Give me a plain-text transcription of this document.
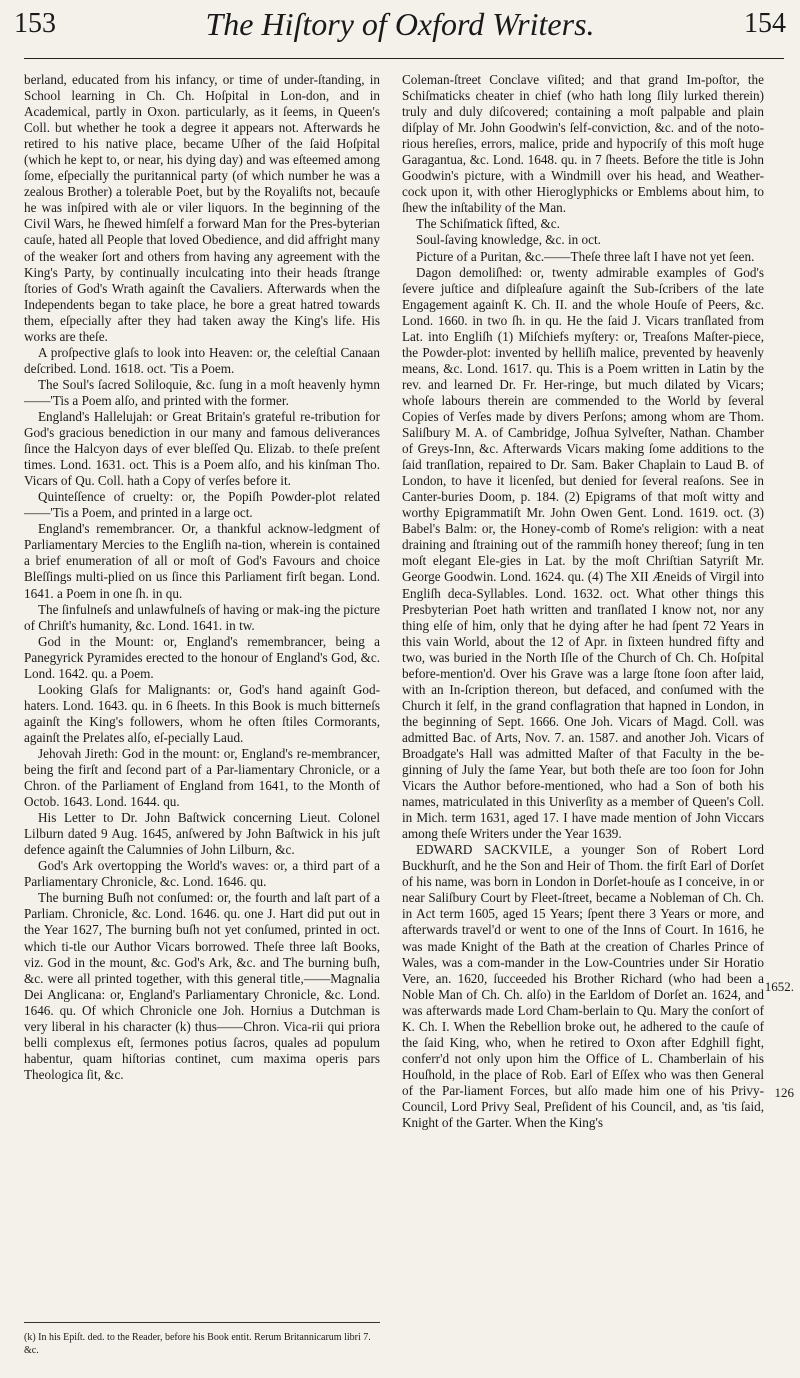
153	The Hiſtory of Oxford Writers.	154

berland, educated from his infancy, or time of under-ſtanding, in School learning in Ch. Ch. Hoſpital in Lon-don, and in Academical, partly in Oxon. particularly, as it ſeems, in Queen's Coll. but whether he took a degree it appears not. Afterwards he retired to his native place, became Uſher of the ſaid Hoſpital (which he kept to, or near, his dying day) and was eſteemed among ſome, eſpecially the puritannical party (of which number he was a zealous Brother) a tolerable Poet, but by the Royaliſts not, becauſe he was inſpired with ale or viler liquors. In the beginning of the Civil Wars, he ſhewed himſelf a forward Man for the Pres-byterian cauſe, hated all People that loved Obedience, and did affright many of the weaker ſort and others from having any agreement with the King's Party, by continually inculcating into their heads ſtrange ſtories of God's Wrath againſt the Cavaliers. Afterwards when the Independents began to take place, he bore a great hatred towards them, eſpecially after they had taken away the King's life. His works are theſe.

A proſpective glaſs to look into Heaven: or, the celeſtial Canaan deſcribed. Lond. 1618. oct. 'Tis a Poem.

The Soul's ſacred Soliloquie, &c. ſung in a moſt heavenly hymn——'Tis a Poem alſo, and printed with the former.

England's Hallelujah: or Great Britain's grateful re-tribution for God's gracious benediction in our many and famous deliverances ſince the Halcyon days of ever bleſſed Qu. Elizab. to theſe preſent times. Lond. 1631. oct. This is a Poem alſo, and his kinſman Tho. Vicars of Qu. Coll. hath a Copy of verſes before it.

Quinteſſence of cruelty: or, the Popiſh Powder-plot related——'Tis a Poem, and printed in a large oct.

England's remembrancer. Or, a thankful acknow-ledgment of Parliamentary Mercies to the Engliſh na-tion, wherein is contained a brief enumeration of all or moſt of God's Favours and choice Bleſſings multi-plied on us ſince this Parliament firſt began. Lond. 1641. a Poem in one ſh. in qu.

The ſinfulneſs and unlawfulneſs of having or mak-ing the picture of Chriſt's humanity, &c. Lond. 1641. in tw.

God in the Mount: or, England's remembrancer, being a Panegyrick Pyramides erected to the honour of England's God, &c. Lond. 1642. qu. a Poem.

Looking Glaſs for Malignants: or, God's hand againſt God-haters. Lond. 1643. qu. in 6 ſheets. In this Book is much bitterneſs againſt the King's followers, whom he often ſtiles Cormorants, againſt the Prelates alſo, eſ-pecially Laud.

Jehovah Jireth: God in the mount: or, England's re-membrancer, being the firſt and ſecond part of a Par-liamentary Chronicle, or a Chron. of the Parliament of England from 1641, to the Month of Octob. 1643. Lond. 1644. qu.

His Letter to Dr. John Baſtwick concerning Lieut. Colonel Lilburn dated 9 Aug. 1645, anſwered by John Baſtwick in his juſt defence againſt the Calumnies of John Lilburn, &c.

God's Ark overtopping the World's waves: or, a third part of a Parliamentary Chronicle, &c. Lond. 1646. qu.

The burning Buſh not conſumed: or, the fourth and laſt part of a Parliam. Chronicle, &c. Lond. 1646. qu. one J. Hart did put out in the Year 1627, The burning buſh not yet conſumed, printed in oct. which ti-tle our Author Vicars borrowed. Theſe three laſt Books, viz. God in the mount, &c. God's Ark, &c. and The burning buſh, &c. were all printed together, with this general title,——Magnalia Dei Anglicana: or, England's Parliamentary Chronicle, &c. Lond. 1646. qu. Of which Chronicle one Joh. Hornius a Dutchman is very liberal in his character (k) thus——Chron. Vica-rii qui priora belli complexus eſt, ſermones potius ſacros, quales ad populum habentur, quam hiſtorias continet, cum maxima operis pars Theologica ſit, &c.

(k) In his Epiſt. ded. to the Reader, before his Book entit. Rerum Britannicarum libri 7. &c.

Coleman-ſtreet Conclave viſited; and that grand Im-poſtor, the Schiſmaticks cheater in chief (who hath long ſlily lurked therein) truly and duly diſcovered; containing a moſt palpable and plain diſplay of Mr. John Goodwin's ſelf-conviction, &c. and of the noto-rious hereſies, errors, malice, pride and hypocriſy of this moſt huge Garagantua, &c. Lond. 1648. qu. in 7 ſheets. Before the title is John Goodwin's picture, with a Windmill over his head, and Weather-cock upon it, with other Hieroglyphicks or Emblems about him, to ſhew the inſtability of the Man.

The Schiſmatick ſifted, &c.

Soul-ſaving knowledge, &c. in oct.

Picture of a Puritan, &c.——Theſe three laſt I have not yet ſeen.

Dagon demoliſhed: or, twenty admirable examples of God's ſevere juſtice and diſpleaſure againſt the Sub-ſcribers of the late Engagement againſt K. Ch. II. and the whole Houſe of Peers, &c. Lond. 1660. in two ſh. in qu. He the ſaid J. Vicars tranſlated from Lat. into Engliſh (1) Miſchiefs myſtery: or, Treaſons Maſter-piece, the Powder-plot: invented by helliſh malice, prevented by heavenly means, &c. Lond. 1617. qu. This is a Poem written in Latin by the rev. and learned Dr. Fr. Her-ringe, but much dilated by Vicars; whoſe labours therein are commended to the World by ſeveral Copies of Verſes made by divers Perſons; among whom are Thom. Saliſbury M. A. of Cambridge, Joſhua Sylveſter, Nathan. Chamber of Greys-Inn, &c. Afterwards Vicars making ſome additions to the ſaid tranſlation, repaired to Dr. Sam. Baker Chaplain to Laud B. of London, to have it licenſed, but denied for ſeveral reaſons. See in Canter-buries Doom, p. 184. (2) Epigrams of that moſt witty and worthy Epigrammatiſt Mr. John Owen Gent. Lond. 1619. oct. (3) Babel's Balm: or, the Honey-comb of Rome's religion: with a neat draining and ſtraining out of the rammiſh honey thereof; ſung in ten moſt elegant Ele-gies in Lat. by the moſt Chriſtian Satyriſt Mr. George Goodwin. Lond. 1624. qu. (4) The XII Æneids of Virgil into Engliſh deca-Syllables. Lond. 1632. oct. What other things this Presbyterian Poet hath written and tranſlated I know not, nor any thing elſe of him, only that he dying after he had ſpent 72 Years in this vain World, about the 12 of Apr. in ſixteen hundred fifty and two, was buried in the North Iſle of the Church of Ch. Ch. Hoſpital before-mention'd. Over his Grave was a large ſtone ſoon after laid, with an In-ſcription thereon, but defaced, and conſumed with the Church it ſelf, in the grand conflagration that hapned in London, in the beginning of Sept. 1666. One Joh. Vicars of Magd. Coll. was admitted Bac. of Arts, Nov. 7. an. 1587. and another Joh. Vicars of Broadgate's Hall was admitted Maſter of that Faculty in the be-ginning of July the ſame Year, but both theſe are too ſoon for John Vicars the Author before-mentioned, who had a Son of both his names, matriculated in this Univerſity as a member of Queen's Coll. in Mich. term 1631, aged 17. I have made mention of John Viccars among theſe Writers under the Year 1639.

EDWARD SACKVILE, a younger Son of Robert Lord Buckhurſt, and he the Son and Heir of Thom. the firſt Earl of Dorſet of his name, was born in London in Dorſet-houſe as I conceive, in or near Saliſbury Court by Fleet-ſtreet, became a Nobleman of Ch. Ch. in Act term 1605, aged 15 Years; ſpent there 3 Years or more, and afterwards travel'd or went to one of the Inns of Court. In 1616, he was made Knight of the Bath at the creation of Charles Prince of Wales, was a com-mander in the Low-Countries under Sir Horatio Vere, an. 1620, ſucceeded his Brother Richard (who had been a Noble Man of Ch. Ch. alſo) in the Earldom of Dorſet an. 1624, and was afterwards made Lord Cham-berlain to Qu. Mary the conſort of K. Ch. I. When the Rebellion broke out, he adhered to the cauſe of the ſaid King, who, when he retired to Oxon after Edghill fight, conferr'd not only upon him the Office of L. Chamberlain of his Houſhold, in the place of Rob. Earl of Eſſex who was then General of the Par-liament Forces, but alſo made him one of his Privy-Council, Lord Privy Seal, Preſident of his Council, and, as 'tis ſaid, Knight of the Garter. When the King's

1652.
126
